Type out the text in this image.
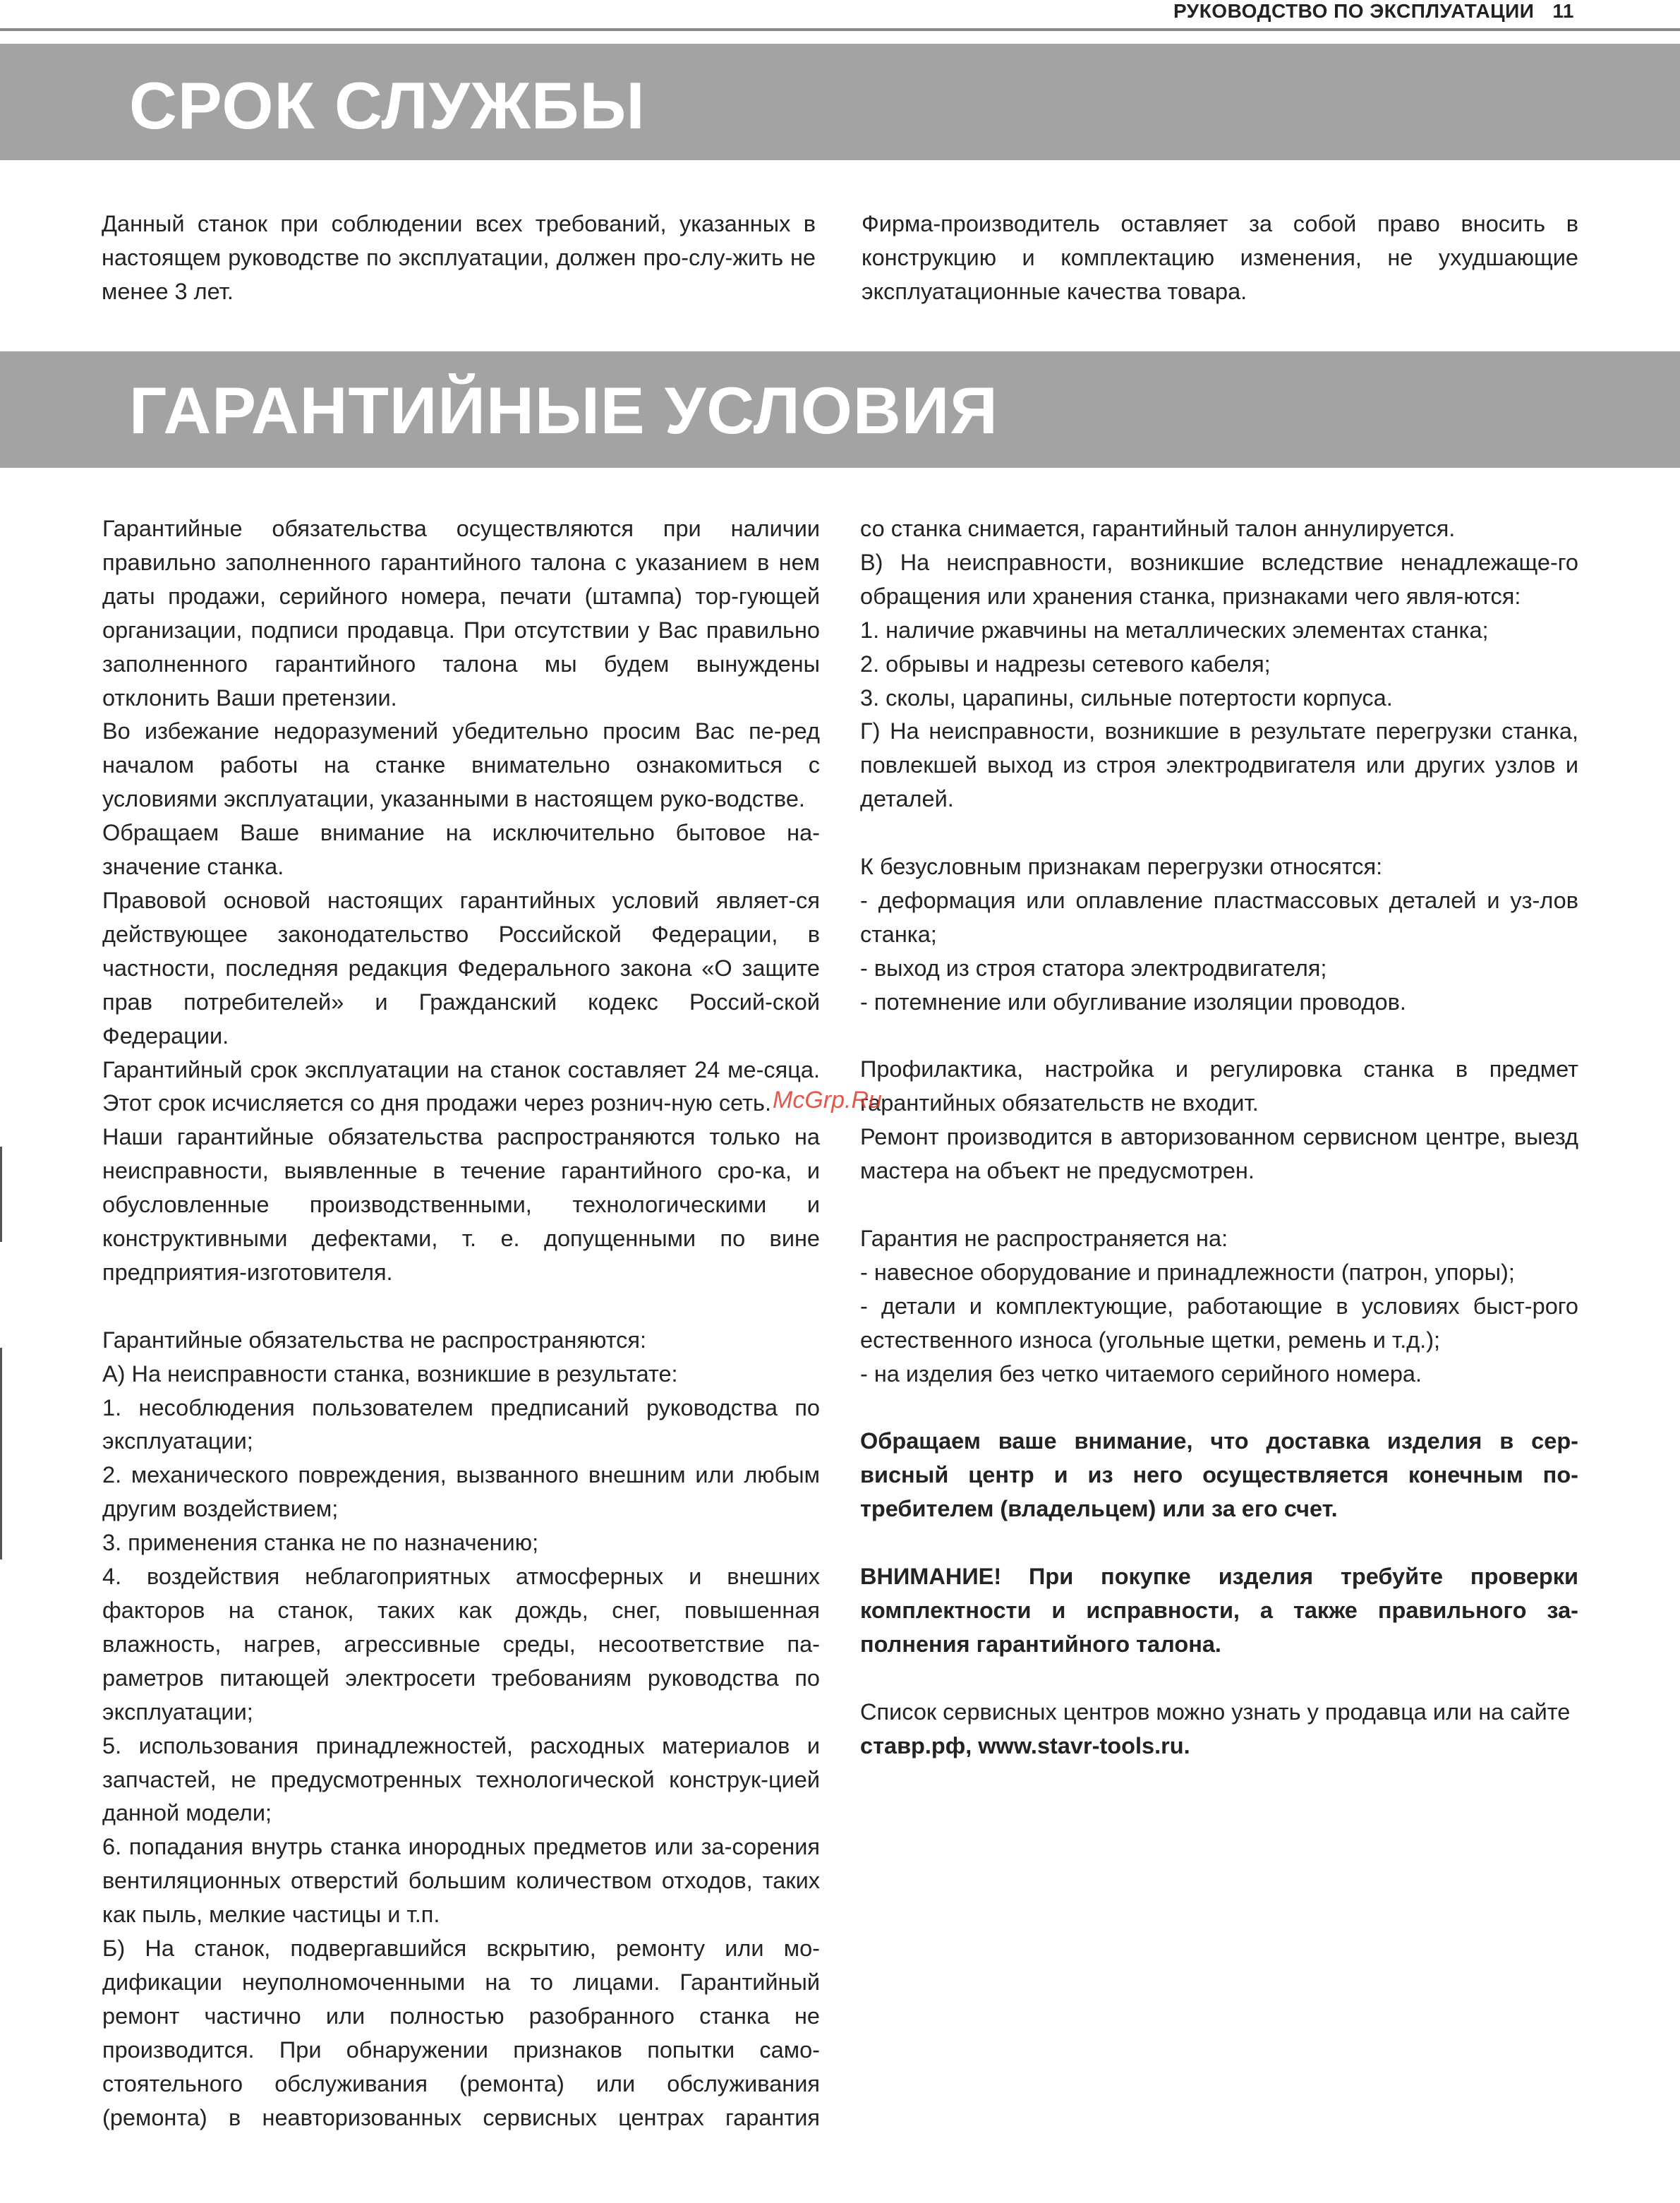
РУКОВОДСТВО ПО ЭКСПЛУАТАЦИИ 11
СРОК СЛУЖБЫ

Данный станок при соблюдении всех требований, указанных в настоящем руководстве по эксплуатации, должен про-слу-жить не менее 3 лет.

Фирма-производитель оставляет за собой право вносить в конструкцию и комплектацию изменения, не ухудшающие эксплуатационные качества товара.

ГАРАНТИЙНЫЕ УСЛОВИЯ

Гарантийные обязательства осуществляются при наличии правильно заполненного гарантийного талона с указанием в нем даты продажи, серийного номера, печати (штампа) тор-гующей организации, подписи продавца. При отсутствии у Вас правильно заполненного гарантийного талона мы будем вынуждены отклонить Ваши претензии.

Во избежание недоразумений убедительно просим Вас пе-ред началом работы на станке внимательно ознакомиться с условиями эксплуатации, указанными в настоящем руко-водстве.

Обращаем Ваше внимание на исключительно бытовое на-значение станка.

Правовой основой настоящих гарантийных условий являет-ся действующее законодательство Российской Федерации, в частности, последняя редакция Федерального закона «О защите прав потребителей» и Гражданский кодекс Россий-ской Федерации.

Гарантийный срок эксплуатации на станок составляет 24 ме-сяца. Этот срок исчисляется со дня продажи через рознич-ную сеть.

Наши гарантийные обязательства распространяются только на неисправности, выявленные в течение гарантийного сро-ка, и обусловленные производственными, технологическими и конструктивными дефектами, т. е. допущенными по вине предприятия-изготовителя.

Гарантийные обязательства не распространяются:

А) На неисправности станка, возникшие в результате:

1. несоблюдения пользователем предписаний руководства по эксплуатации;

2. механического повреждения, вызванного внешним или любым другим воздействием;

3. применения станка не по назначению;

4. воздействия неблагоприятных атмосферных и внешних факторов на станок, таких как дождь, снег, повышенная влажность, нагрев, агрессивные среды, несоответствие па-раметров питающей электросети требованиям руководства по эксплуатации;

5. использования принадлежностей, расходных материалов и запчастей, не предусмотренных технологической конструк-цией данной модели;

6. попадания внутрь станка инородных предметов или за-сорения вентиляционных отверстий большим количеством отходов, таких как пыль, мелкие частицы и т.п.

Б) На станок, подвергавшийся вскрытию, ремонту или мо-дификации неуполномоченными на то лицами. Гарантийный ремонт частично или полностью разобранного станка не производится. При обнаружении признаков попытки само-стоятельного обслуживания (ремонта) или обслуживания (ремонта) в неавторизованных сервисных центрах гарантия

со станка снимается, гарантийный талон аннулируется.

В) На неисправности, возникшие вследствие ненадлежаще-го обращения или хранения станка, признаками чего явля-ются:

1. наличие ржавчины на металлических элементах станка;

2. обрывы и надрезы сетевого кабеля;

3. сколы, царапины, сильные потертости корпуса.

Г) На неисправности, возникшие в результате перегрузки станка, повлекшей выход из строя электродвигателя или других узлов и деталей.

К безусловным признакам перегрузки относятся:

- деформация или оплавление пластмассовых деталей и уз-лов станка;

- выход из строя статора электродвигателя;

- потемнение или обугливание изоляции проводов.

Профилактика, настройка и регулировка станка в предмет гарантийных обязательств не входит.

Ремонт производится в авторизованном сервисном центре, выезд мастера на объект не предусмотрен.

Гарантия не распространяется на:

- навесное оборудование и принадлежности (патрон, упоры);

- детали и комплектующие, работающие в условиях быст-рого естественного износа (угольные щетки, ремень и т.д.);

- на изделия без четко читаемого серийного номера.

Обращаем ваше внимание, что доставка изделия в сер-висный центр и из него осуществляется конечным по-требителем (владельцем) или за его счет.

ВНИМАНИЕ! При покупке изделия требуйте проверки комплектности и исправности, а также правильного за-полнения гарантийного талона.

Список сервисных центров можно узнать у продавца или на сайте ставр.рф, www.stavr-tools.ru.

McGrp.Ru
